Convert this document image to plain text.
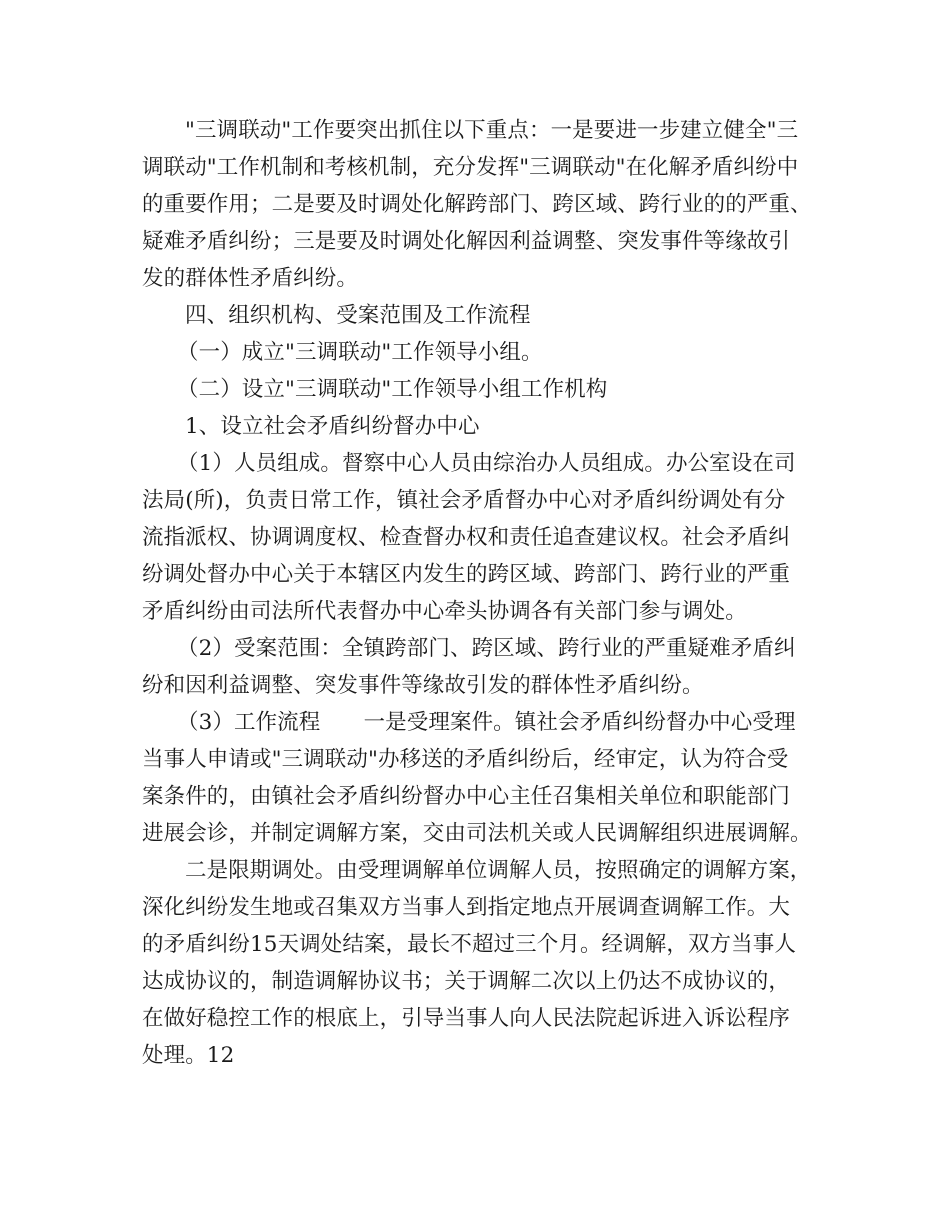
"三调联动"工作要突出抓住以下重点：一是要进一步建立健全"三
调联动"工作机制和考核机制，充分发挥"三调联动"在化解矛盾纠纷中
的重要作用；二是要及时调处化解跨部门、跨区域、跨行业的的严重、
疑难矛盾纠纷；三是要及时调处化解因利益调整、突发事件等缘故引
发的群体性矛盾纠纷。
四、组织机构、受案范围及工作流程
（一）成立"三调联动"工作领导小组。
（二）设立"三调联动"工作领导小组工作机构
1、设立社会矛盾纠纷督办中心
（1）人员组成。督察中心人员由综治办人员组成。办公室设在司
法局(所)，负责日常工作，镇社会矛盾督办中心对矛盾纠纷调处有分
流指派权、协调调度权、检查督办权和责任追查建议权。社会矛盾纠
纷调处督办中心关于本辖区内发生的跨区域、跨部门、跨行业的严重
矛盾纠纷由司法所代表督办中心牵头协调各有关部门参与调处。
（2）受案范围：全镇跨部门、跨区域、跨行业的严重疑难矛盾纠
纷和因利益调整、突发事件等缘故引发的群体性矛盾纠纷。
（3）工作流程　　一是受理案件。镇社会矛盾纠纷督办中心受理
当事人申请或"三调联动"办移送的矛盾纠纷后，经审定，认为符合受
案条件的，由镇社会矛盾纠纷督办中心主任召集相关单位和职能部门
进展会诊，并制定调解方案，交由司法机关或人民调解组织进展调解。
二是限期调处。由受理调解单位调解人员，按照确定的调解方案，
深化纠纷发生地或召集双方当事人到指定地点开展调查调解工作。大
的矛盾纠纷15天调处结案，最长不超过三个月。经调解，双方当事人
达成协议的，制造调解协议书；关于调解二次以上仍达不成协议的，
在做好稳控工作的根底上，引导当事人向人民法院起诉进入诉讼程序
处理。12
